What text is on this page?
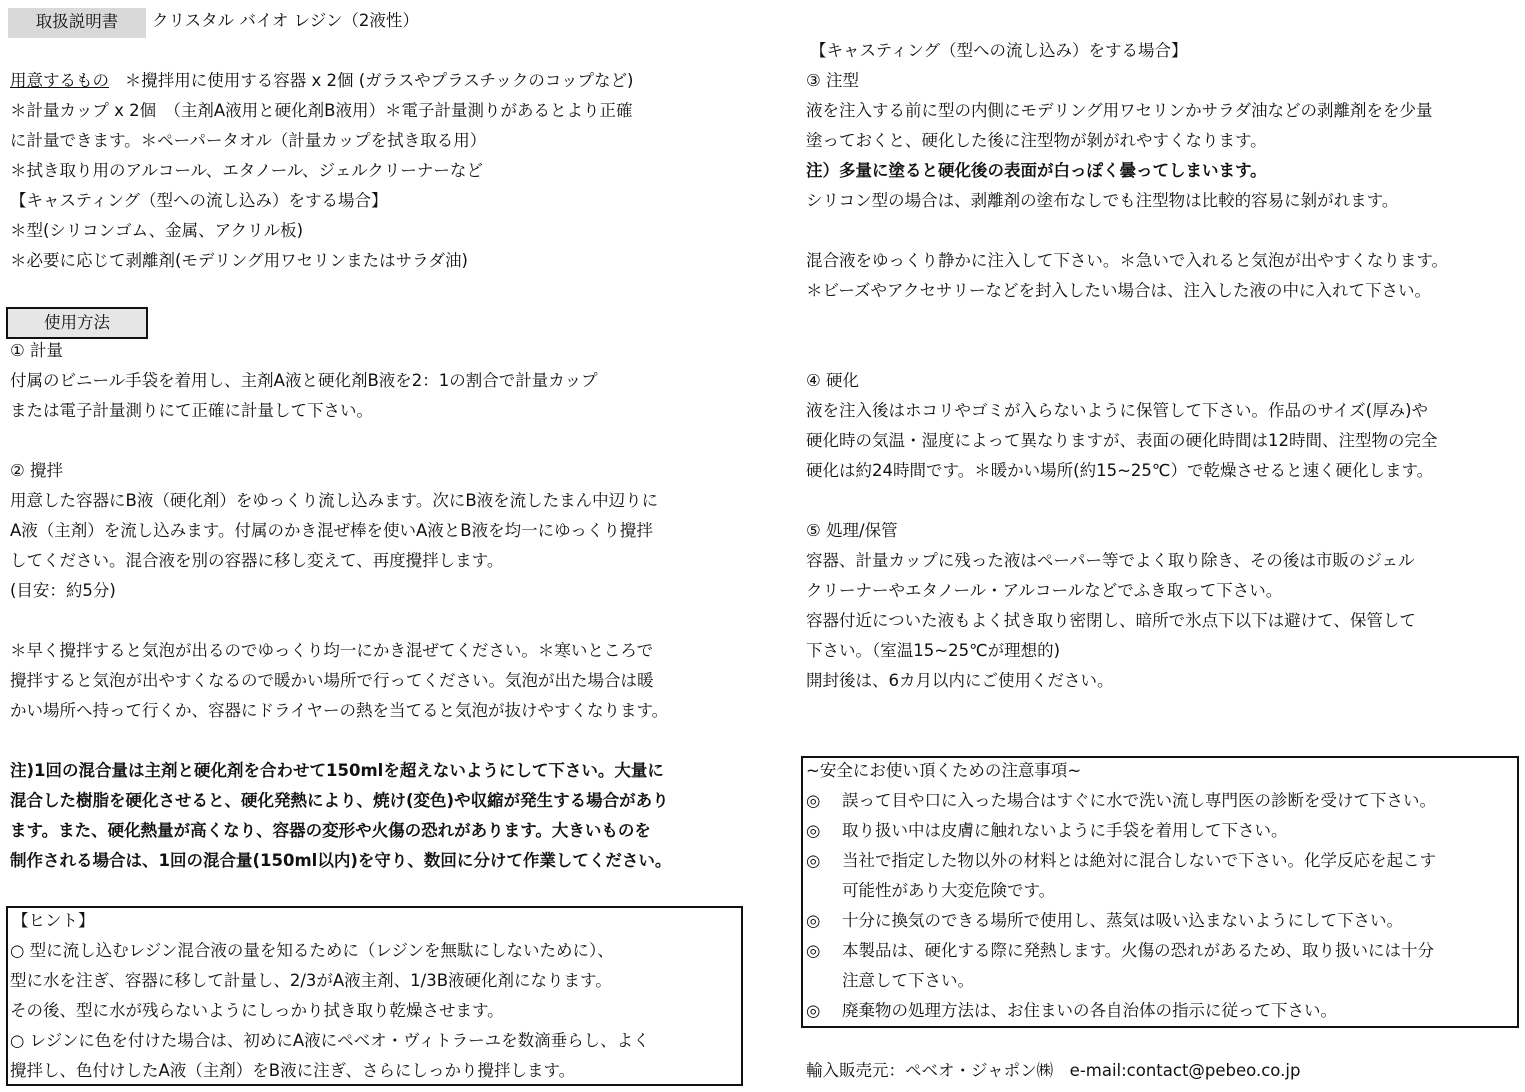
取扱説明書	クリスタル バイオ レジン（2液性）
用意するもの ＊攪拌用に使用する容器 x 2個 (ガラスやプラスチックのコップなど)
＊計量カップ x 2個　（主剤A液用と硬化剤B液用）＊電子計量測りがあるとより正確
に計量できます。＊ペーパータオル（計量カップを拭き取る用）
＊拭き取り用のアルコール、エタノール、ジェルクリーナーなど
【キャスティング（型への流し込み）をする場合】
＊型(シリコンゴム、金属、アクリル板)
＊必要に応じて剥離剤(モデリング用ワセリンまたはサラダ油)
使用方法
① 計量
付属のビニール手袋を着用し、主剤A液と硬化剤B液を2：1の割合で計量カップ
または電子計量測りにて正確に計量して下さい。
② 攪拌
用意した容器にB液（硬化剤）をゆっくり流し込みます。次にB液を流したまん中辺りに
A液（主剤）を流し込みます。付属のかき混ぜ棒を使いA液とB液を均一にゆっくり攪拌
してください。混合液を別の容器に移し変えて、再度攪拌します。
(目安：約5分)
＊早く攪拌すると気泡が出るのでゆっくり均一にかき混ぜてください。＊寒いところで
攪拌すると気泡が出やすくなるので暖かい場所で行ってください。気泡が出た場合は暖
かい場所へ持って行くか、容器にドライヤーの熱を当てると気泡が抜けやすくなります。
注)1回の混合量は主剤と硬化剤を合わせて150mlを超えないようにして下さい。大量に
混合した樹脂を硬化させると、硬化発熱により、焼け(変色)や収縮が発生する場合があり
ます。また、硬化熱量が高くなり、容器の変形や火傷の恐れがあります。大きいものを
制作される場合は、1回の混合量(150ml以内)を守り、数回に分けて作業してください。
【ヒント】
○ 型に流し込むレジン混合液の量を知るために（レジンを無駄にしないために）、
型に水を注ぎ、容器に移して計量し、2/3がA液主剤、1/3B液硬化剤になります。
その後、型に水が残らないようにしっかり拭き取り乾燥させます。
○ レジンに色を付けた場合は、初めにA液にペベオ・ヴィトラーユを数滴垂らし、よく
攪拌し、色付けしたA液（主剤）をB液に注ぎ、さらにしっかり攪拌します。
【キャスティング（型への流し込み）をする場合】
③ 注型
液を注入する前に型の内側にモデリング用ワセリンかサラダ油などの剥離剤をを少量
塗っておくと、硬化した後に注型物が剝がれやすくなります。
注）多量に塗ると硬化後の表面が白っぽく曇ってしまいます。
シリコン型の場合は、剥離剤の塗布なしでも注型物は比較的容易に剝がれます。
混合液をゆっくり静かに注入して下さい。＊急いで入れると気泡が出やすくなります。
＊ビーズやアクセサリーなどを封入したい場合は、注入した液の中に入れて下さい。
④ 硬化
液を注入後はホコリやゴミが入らないように保管して下さい。作品のサイズ(厚み)や
硬化時の気温・湿度によって異なりますが、表面の硬化時間は12時間、注型物の完全
硬化は約24時間です。＊暖かい場所(約15~25℃）で乾燥させると速く硬化します。
⑤ 処理/保管
容器、計量カップに残った液はペーパー等でよく取り除き、その後は市販のジェル
クリーナーやエタノール・アルコールなどでふき取って下さい。
容器付近についた液もよく拭き取り密閉し、暗所で氷点下以下は避けて、保管して
下さい。（室温15~25℃が理想的)
開封後は、6カ月以内にご使用ください。
~安全にお使い頂くための注意事項~
◎ 誤って目や口に入った場合はすぐに水で洗い流し専門医の診断を受けて下さい。
◎ 取り扱い中は皮膚に触れないように手袋を着用して下さい。
◎ 当社で指定した物以外の材料とは絶対に混合しないで下さい。化学反応を起こす
可能性があり大変危険です。
◎ 十分に換気のできる場所で使用し、蒸気は吸い込まないようにして下さい。
◎ 本製品は、硬化する際に発熱します。火傷の恐れがあるため、取り扱いには十分
注意して下さい。
◎ 廃棄物の処理方法は、お住まいの各自治体の指示に従って下さい。
輸入販売元：ペベオ・ジャポン㈱　e-mail:contact@pebeo.co.jp
